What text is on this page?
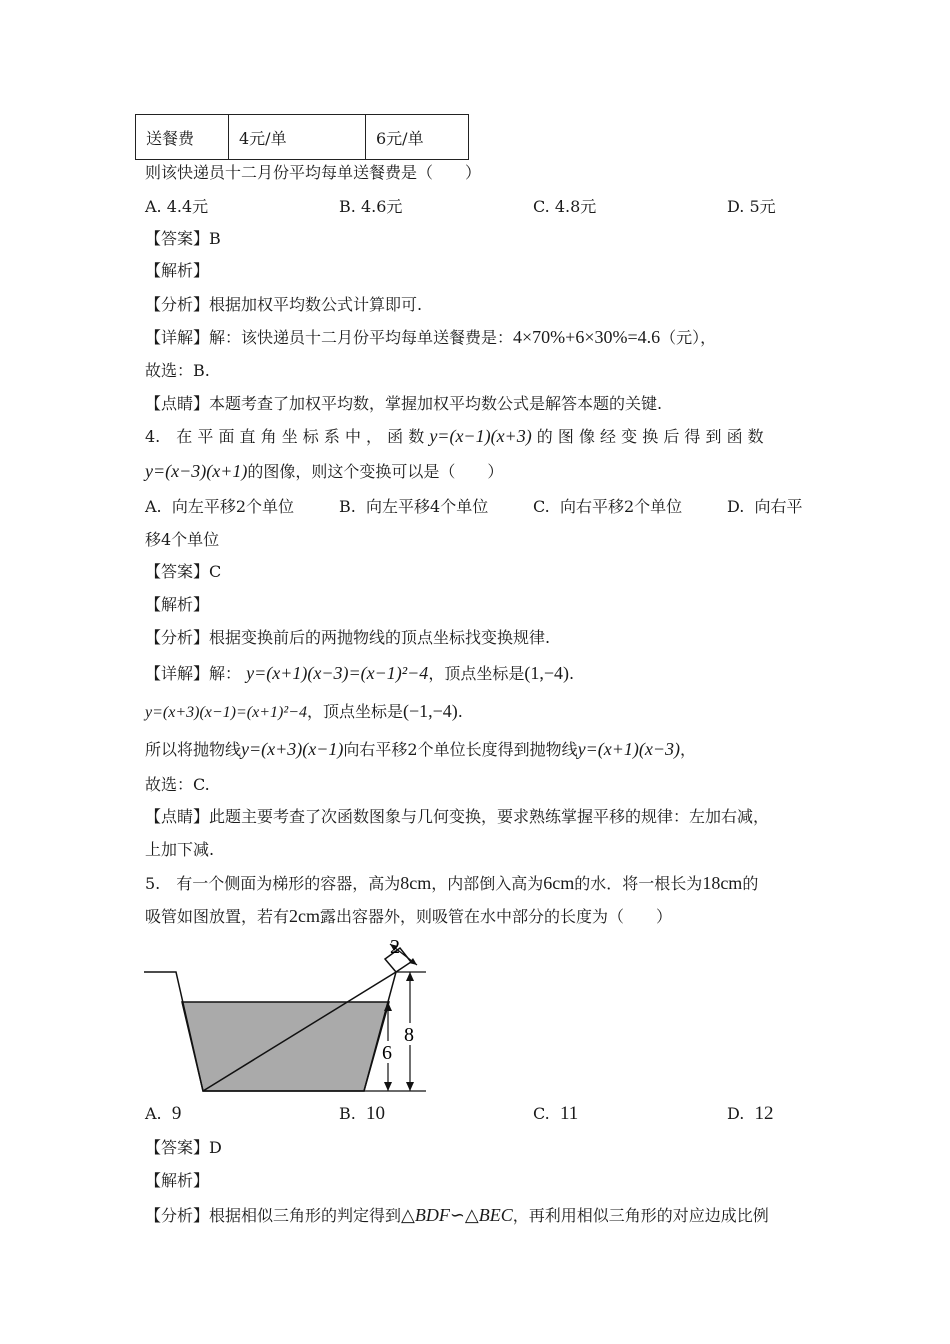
送餐费	4元/单	6元/单
则该快递员十二月份平均每单送餐费是（　　）
A. 4.4元	B. 4.6元	C. 4.8元	D. 5元
【答案】B
【解析】
【分析】根据加权平均数公式计算即可.
【详解】解：该快递员十二月份平均每单送餐费是：4×70%+6×30%=4.6（元），
故选：B.
【点睛】本题考查了加权平均数，掌握加权平均数公式是解答本题的关键.
4.　在 平 面 直 角 坐 标 系 中 ， 函 数 y=(x−1)(x+3) 的 图 像 经 变 换 后 得 到 函 数
y=(x−3)(x+1)的图像，则这个变换可以是（　　）
A. 向左平移2个单位	B. 向左平移4个单位	C. 向右平移2个单位	D. 向右平
移4个单位
【答案】C
【解析】
【分析】根据变换前后的两抛物线的顶点坐标找变换规律.
【详解】解： y=(x+1)(x−3)=(x−1)²−4，顶点坐标是(1,−4).
y=(x+3)(x−1)=(x+1)²−4，顶点坐标是(−1,−4).
所以将抛物线y=(x+3)(x−1)向右平移2个单位长度得到抛物线y=(x+1)(x−3)，
故选：C.
【点睛】此题主要考查了次函数图象与几何变换，要求熟练掌握平移的规律：左加右减，
上加下减.
5.　有一个侧面为梯形的容器，高为8cm，内部倒入高为6cm的水．将一根长为18cm的
吸管如图放置，若有2cm露出容器外，则吸管在水中部分的长度为（　　）
2
8
6
A. 9	B. 10	C. 11	D. 12
【答案】D
【解析】
【分析】根据相似三角形的判定得到△BDF∽△BEC，再利用相似三角形的对应边成比例
